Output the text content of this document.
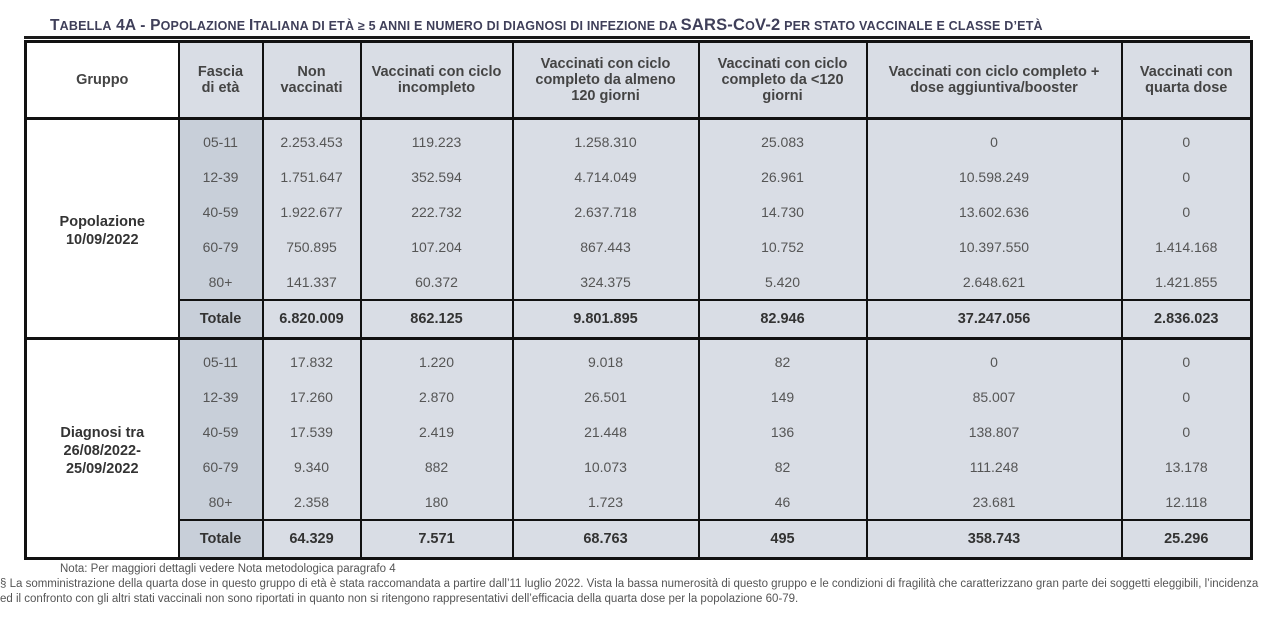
TABELLA 4A - POPOLAZIONE ITALIANA DI ETÀ ≥ 5 ANNI E NUMERO DI DIAGNOSI DI INFEZIONE DA SARS-COV-2 PER STATO VACCINALE E CLASSE D’ETÀ
Gruppo	Fascia di età	Non vaccinati	Vaccinati con ciclo incompleto	Vaccinati con ciclo completo da almeno 120 giorni	Vaccinati con ciclo completo da <120 giorni	Vaccinati con ciclo completo + dose aggiuntiva/booster	Vaccinati con quarta dose
Popolazione
10/09/2022	05-11	2.253.453	119.223	1.258.310	25.083	0	0
	12-39	1.751.647	352.594	4.714.049	26.961	10.598.249	0
	40-59	1.922.677	222.732	2.637.718	14.730	13.602.636	0
	60-79	750.895	107.204	867.443	10.752	10.397.550	1.414.168
	80+	141.337	60.372	324.375	5.420	2.648.621	1.421.855
	Totale	6.820.009	862.125	9.801.895	82.946	37.247.056	2.836.023
Diagnosi tra
26/08/2022-
25/09/2022	05-11	17.832	1.220	9.018	82	0	0
	12-39	17.260	2.870	26.501	149	85.007	0
	40-59	17.539	2.419	21.448	136	138.807	0
	60-79	9.340	882	10.073	82	111.248	13.178
	80+	2.358	180	1.723	46	23.681	12.118
	Totale	64.329	7.571	68.763	495	358.743	25.296
Nota: Per maggiori dettagli vedere Nota metodologica paragrafo 4
§ La somministrazione della quarta dose in questo gruppo di età è stata raccomandata a partire dall’11 luglio 2022. Vista la bassa numerosità di questo gruppo e le condizioni di fragilità che caratterizzano gran parte dei soggetti eleggibili, l’incidenza ed il confronto con gli altri stati vaccinali non sono riportati in quanto non si ritengono rappresentativi dell’efficacia della quarta dose per la popolazione 60-79.
